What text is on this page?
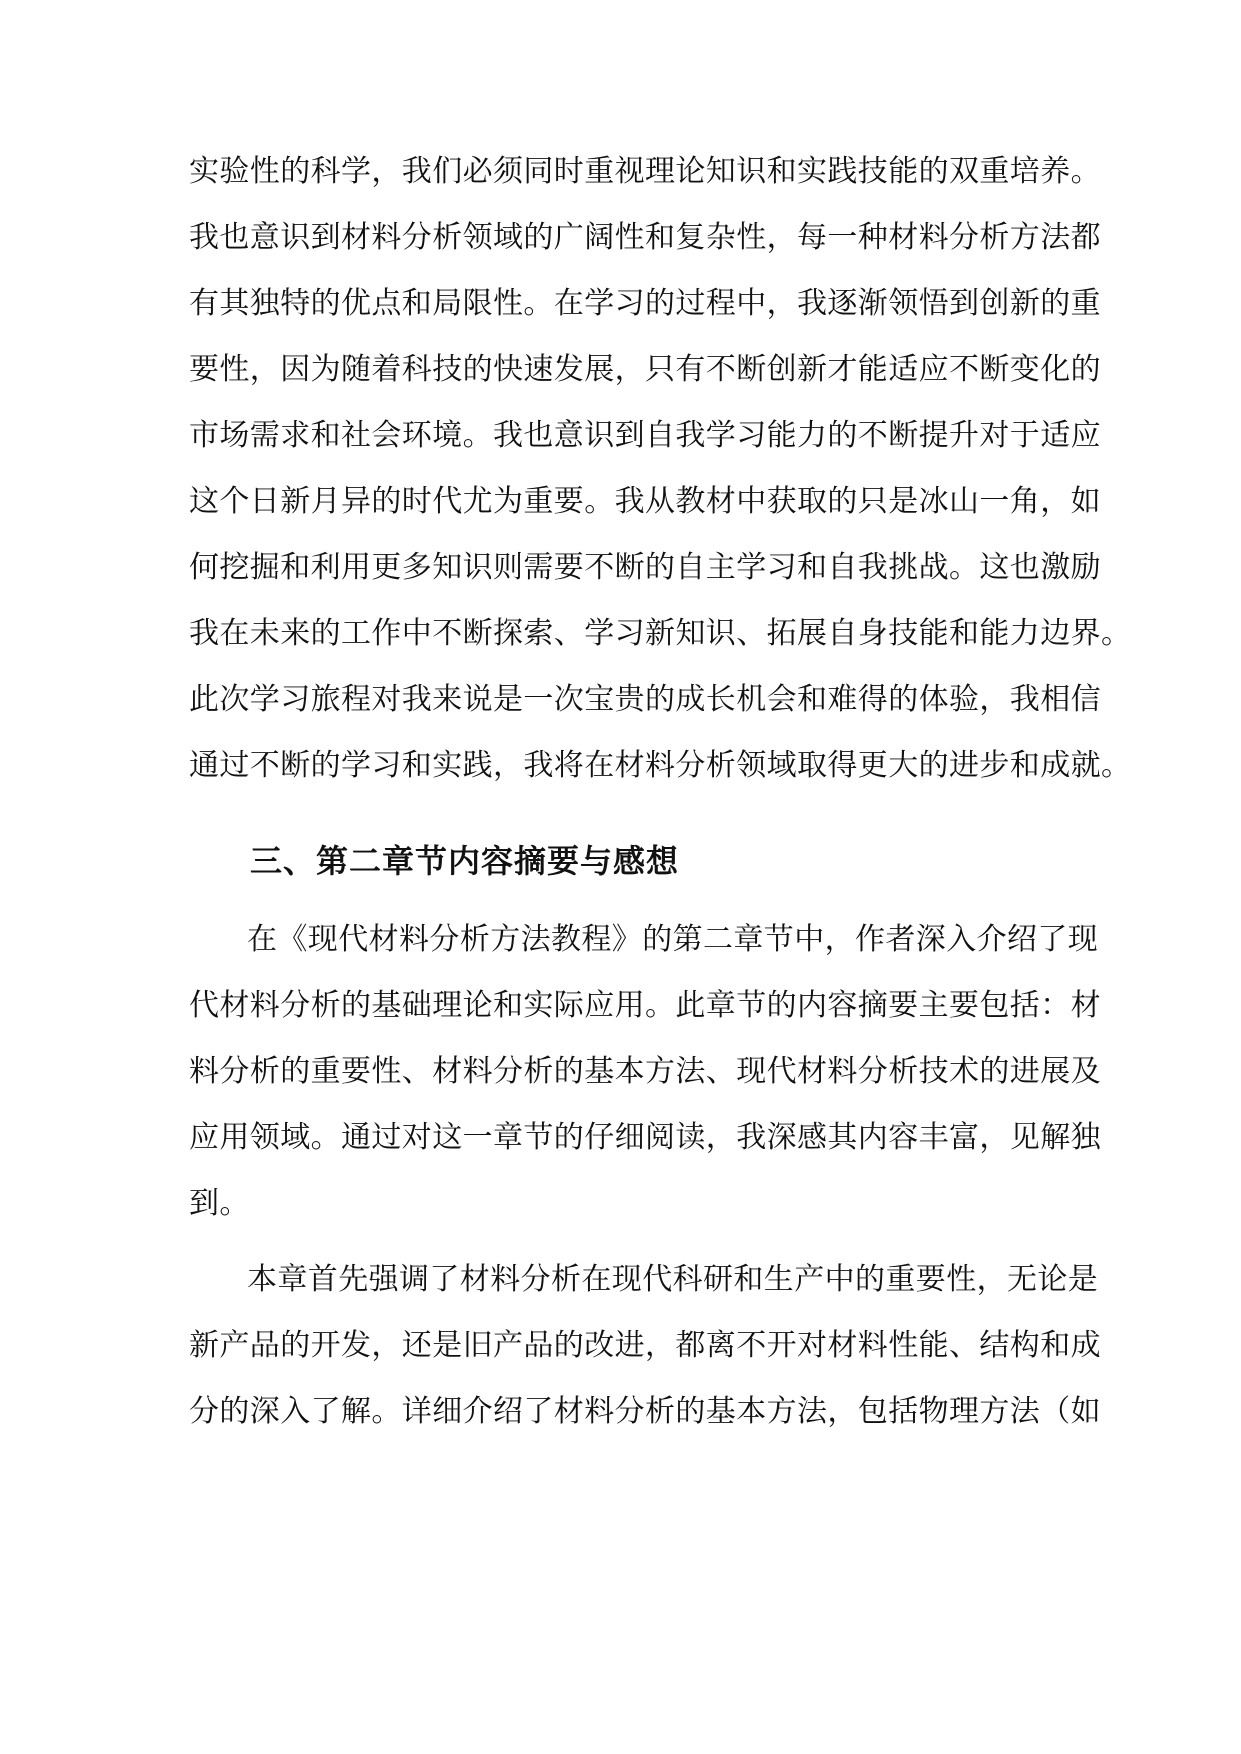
实验性的科学，我们必须同时重视理论知识和实践技能的双重培养。
我也意识到材料分析领域的广阔性和复杂性，每一种材料分析方法都
有其独特的优点和局限性。在学习的过程中，我逐渐领悟到创新的重
要性，因为随着科技的快速发展，只有不断创新才能适应不断变化的
市场需求和社会环境。我也意识到自我学习能力的不断提升对于适应
这个日新月异的时代尤为重要。我从教材中获取的只是冰山一角，如
何挖掘和利用更多知识则需要不断的自主学习和自我挑战。这也激励
我在未来的工作中不断探索、学习新知识、拓展自身技能和能力边界。
此次学习旅程对我来说是一次宝贵的成长机会和难得的体验，我相信
通过不断的学习和实践，我将在材料分析领域取得更大的进步和成就。
三、第二章节内容摘要与感想
在《现代材料分析方法教程》的第二章节中，作者深入介绍了现
代材料分析的基础理论和实际应用。此章节的内容摘要主要包括：材
料分析的重要性、材料分析的基本方法、现代材料分析技术的进展及
应用领域。通过对这一章节的仔细阅读，我深感其内容丰富，见解独
到。
本章首先强调了材料分析在现代科研和生产中的重要性，无论是
新产品的开发，还是旧产品的改进，都离不开对材料性能、结构和成
分的深入了解。详细介绍了材料分析的基本方法，包括物理方法（如
